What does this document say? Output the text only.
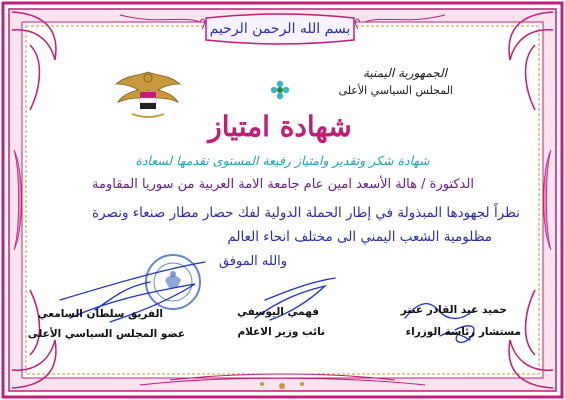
بسم الله الرحمن الرحيم
الجمهورية اليمنية
المجلس السياسي الأعلى
شهادة امتياز
شهادة شكر وتقدير وامتياز رفيعة المستوى نقدمها لسعادة
الدكتورة / هالة الأسعد امين عام جامعة الامة العربية من سوريا المقاومة
نظراً لجهودها المبذولة في إطار الحملة الدولية لفك حصار مطار صنعاء ونصرة
مظلومية الشعب اليمني الى مختلف انحاء العالم
والله الموفق
حميد عبد القادر عنتر
مستشار رئاسة الوزراء
فهمي اليوسفي
نائب وزير الاعلام
الفريق سلطان السامعي
عضو المجلس السياسي الأعلى
